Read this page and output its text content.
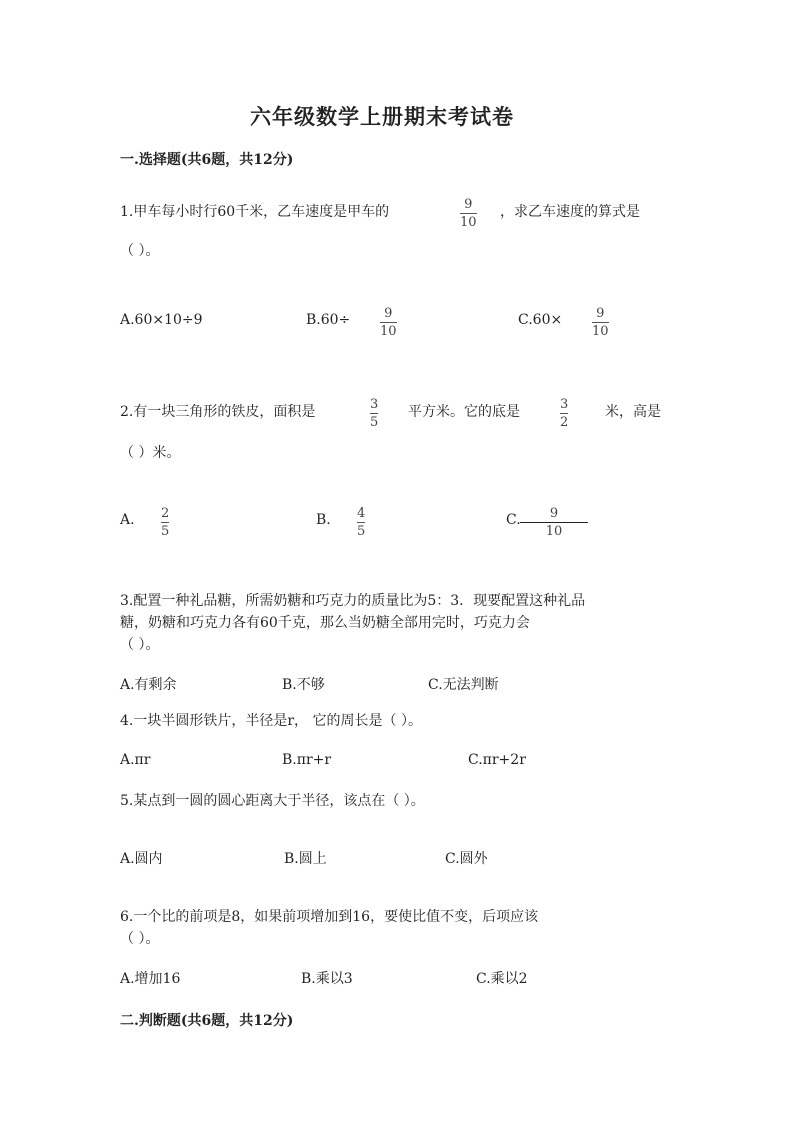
六年级数学上册期末考试卷
一.选择题(共6题，共12分)
1.甲车每小时行60千米，乙车速度是甲车的	9
10
，求乙车速度的算式是
（ ）。
A.60×10÷9	B.60÷	9
10
C.60×	9
10
2.有一块三角形的铁皮，面积是	3
5
平方米。它的底是	3
2
米，高是
（ ）米。
A. 2
5
B. 4
5
C. 9
10
3.配置一种礼品糖，所需奶糖和巧克力的质量比为5：3．现要配置这种礼品
糖，奶糖和巧克力各有60千克，那么当奶糖全部用完时，巧克力会
（ ）。
A.有剩余	B.不够	C.无法判断
4.一块半圆形铁片，半径是r， 它的周长是（ ）。
A.πr	B.πr+r	C.πr+2r
5.某点到一圆的圆心距离大于半径，该点在（ ）。
A.圆内	B.圆上	C.圆外
6.一个比的前项是8，如果前项增加到16，要使比值不变，后项应该
（ ）。
A.增加16	B.乘以3	C.乘以2
二.判断题(共6题，共12分)
